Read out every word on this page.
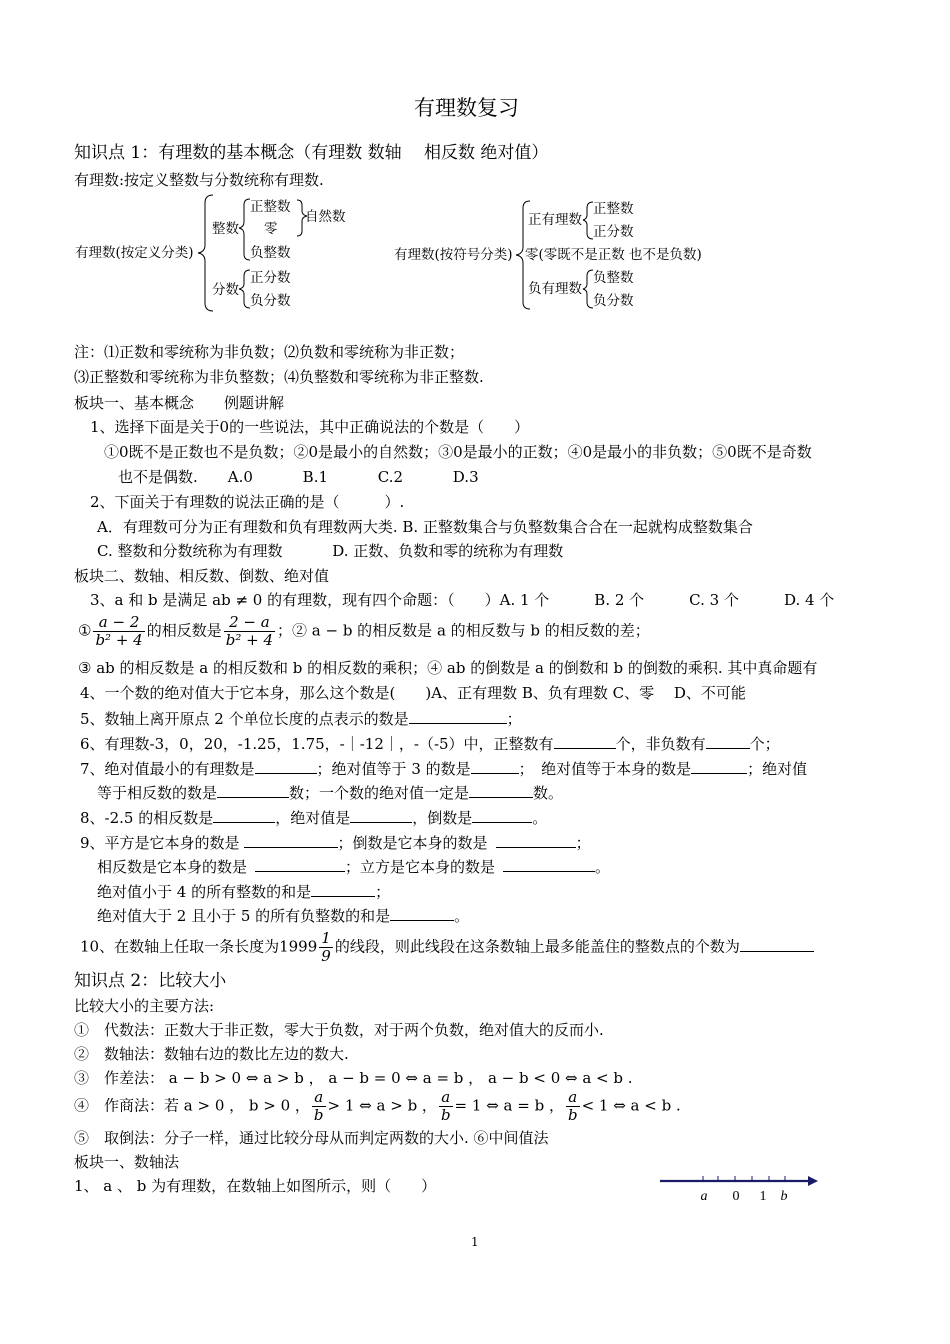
有理数复习
知识点 1：有理数的基本概念（有理数 数轴　 相反数 绝对值）
有理数:按定义整数与分数统称有理数.
有理数(按定义分类)
整数
分数
正整数
零
负整数
自然数
正分数
负分数
有理数(按符号分类)
正有理数
零(零既不是正数 也不是负数)
负有理数
正整数
正分数
负整数
负分数
注：⑴正数和零统称为非负数；⑵负数和零统称为非正数；
⑶正整数和零统称为非负整数；⑷负整数和零统称为非正整数.
板块一、基本概念　　例题讲解
1、选择下面是关于0的一些说法，其中正确说法的个数是（　　）
①0既不是正数也不是负数；②0是最小的自然数；③0是最小的正数；④0是最小的非负数；⑤0既不是奇数
也不是偶数.　　A.0　　　 B.1　　　 C.2　　　 D.3
2、下面关于有理数的说法正确的是（　　　）.
A．有理数可分为正有理数和负有理数两大类. B. 正整数集合与负整数集合合在一起就构成整数集合
C. 整数和分数统称为有理数　　　 D. 正数、负数和零的统称为有理数
板块二、数轴、相反数、倒数、绝对值
3、a 和 b 是满足 ab ≠ 0 的有理数，现有四个命题：（　　）A. 1 个　　　B. 2 个　　　C. 3 个　　　D. 4 个
① $\frac{a - 2}{\text{b² + 4}}$ 的相反数是 $\frac{2 - a}{\text{b² + 4}}$ ；② a − b 的相反数是 a 的相反数与 b 的相反数的差；
③ ab 的相反数是 a 的相反数和 b 的相反数的乘积；④ ab 的倒数是 a 的倒数和 b 的倒数的乘积. 其中真命题有
4、一个数的绝对值大于它本身，那么这个数是(　　)A、正有理数 B、负有理数 C、零　 D、不可能
5、数轴上离开原点 2 个单位长度的点表示的数是	；
6、有理数-3，0，20，-1.25，1.75，-｜-12｜，-（-5）中，正整数有	个，非负数有	个；
7、绝对值最小的有理数是	；绝对值等于 3 的数是	；　绝对值等于本身的数是	；绝对值
等于相反数的数是	数；一个数的绝对值一定是	数。
8、-2.5 的相反数是	，绝对值是	，倒数是	。
9、平方是它本身的数是	；倒数是它本身的数是	；
相反数是它本身的数是	；立方是它本身的数是	。
绝对值小于 4 的所有整数的和是	；
绝对值大于 2 且小于 5 的所有负整数的和是	。
10、在数轴上任取一条长度为$1999 \frac{1}{9}$ 的线段，则此线段在这条数轴上最多能盖住的整数点的个数为
知识点 2：比较大小
比较大小的主要方法:
①　代数法：正数大于非正数，零大于负数，对于两个负数，绝对值大的反而小.
②　数轴法：数轴右边的数比左边的数大.
③　作差法： a − b > 0 ⇔ a > b ， a − b = 0 ⇔ a = b ， a − b < 0 ⇔ a < b .
④　作商法：若 a > 0 ， b > 0 ， $\frac{a}{b} > 1$ ⇔ a > b ， $\frac{a}{b} = 1$ ⇔ a = b ， $\frac{a}{b} < 1$ ⇔ a < b .
⑤　取倒法：分子一样，通过比较分母从而判定两数的大小. ⑥中间值法
板块一、数轴法
1、 a 、 b 为有理数，在数轴上如图所示，则（　　）
a 0 1 b
1
